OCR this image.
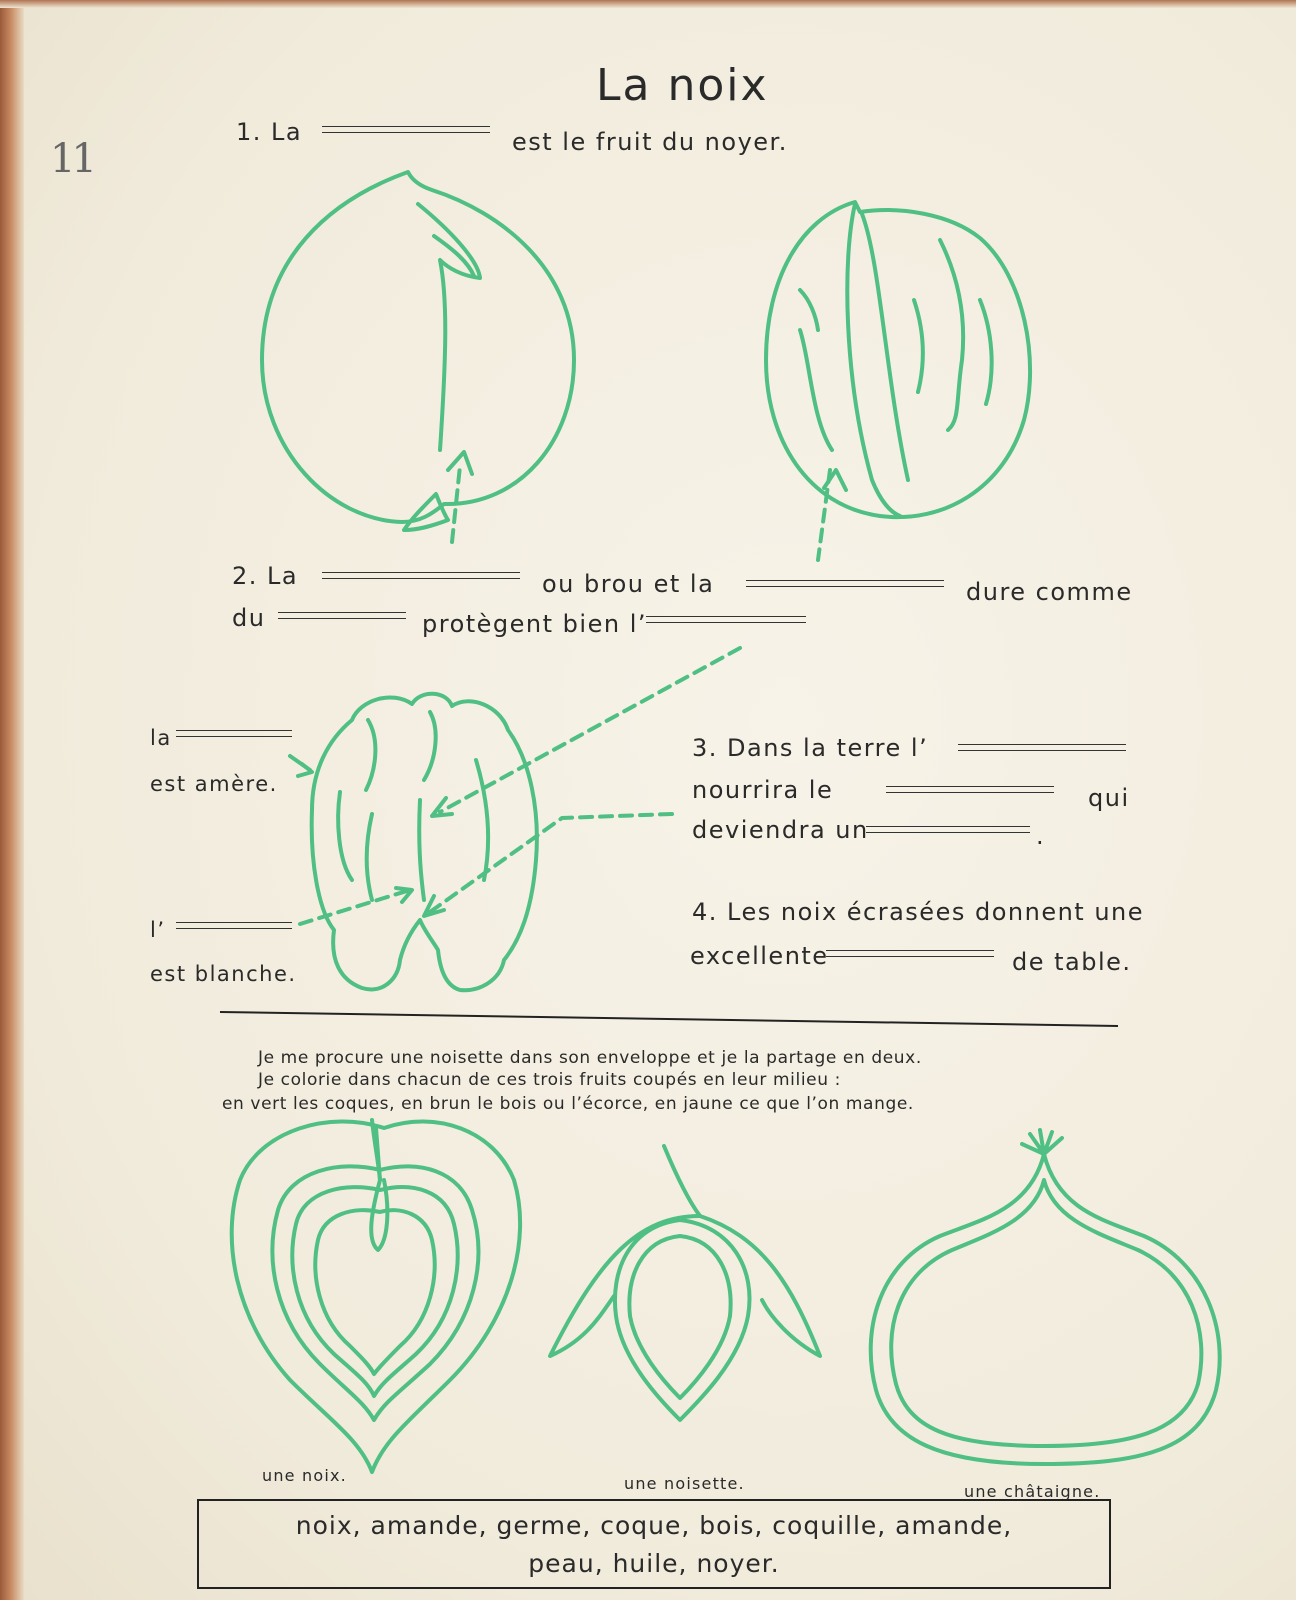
11
La noix
1. La	est le fruit du noyer.
2. La	ou brou et la	dure comme
du	protègent bien l’
la
est amère.
l’
est blanche.
3. Dans la terre l’
nourrira le	qui
deviendra un	.
4. Les noix écrasées donnent une
excellente	de table.
Je me procure une noisette dans son enveloppe et je la partage en deux.
Je colorie dans chacun de ces trois fruits coupés en leur milieu :
en vert les coques, en brun le bois ou l’écorce, en jaune ce que l’on mange.
une noix.	une noisette.	une châtaigne.
noix, amande, germe, coque, bois, coquille, amande,
peau, huile, noyer.
